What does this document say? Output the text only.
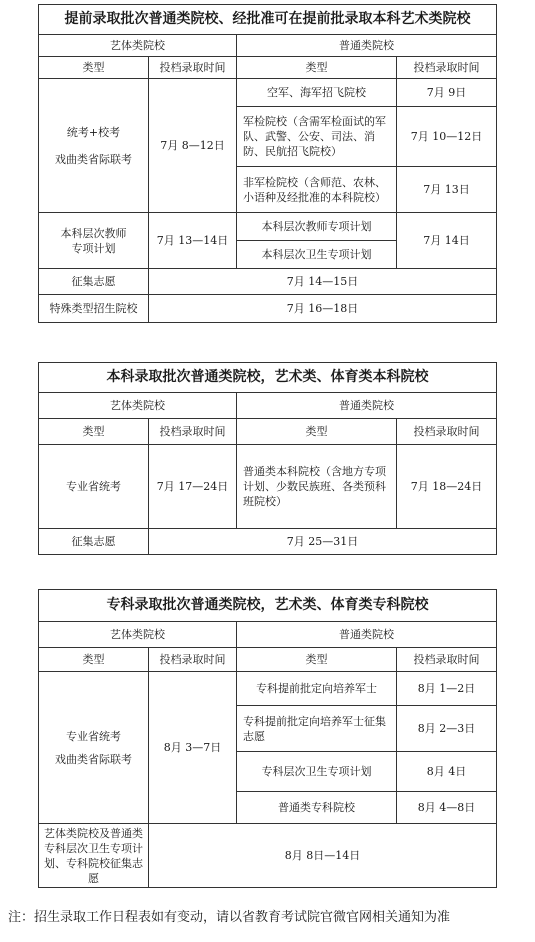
提前录取批次普通类院校、经批准可在提前批录取本科艺术类院校			
艺体类院校		普通类院校	
类型	投档录取时间	类型	投档录取时间

统考+校考
戏曲类省际联考	7月 8—12日	空军、海军招飞院校	7月 9日
		军检院校（含需军检面试的军队、武警、公安、司法、消防、民航招飞院校）	7月 10—12日
		非军检院校（含师范、农林、小语种及经批准的本科院校）	7月 13日

本科层次教师
专项计划	7月 13—14日	本科层次教师专项计划	7月 14日
		本科层次卫生专项计划	
征集志愿	7月 14—15日		
特殊类型招生院校	7月 16—18日		
本科录取批次普通类院校，艺术类、体育类本科院校			
艺体类院校		普通类院校	
类型	投档录取时间	类型	投档录取时间
专业省统考	7月 17—24日	普通类本科院校（含地方专项计划、少数民族班、各类预科班院校）	7月 18—24日
征集志愿	7月 25—31日		
专科录取批次普通类院校，艺术类、体育类专科院校			
艺体类院校		普通类院校	
类型	投档录取时间	类型	投档录取时间

专业省统考
戏曲类省际联考	8月 3—7日	专科提前批定向培养军士	8月 1—2日
		专科提前批定向培养军士征集志愿	8月 2—3日
		专科层次卫生专项计划	8月 4日
		普通类专科院校	8月 4—8日
艺体类院校及普通类专科层次卫生专项计划、专科院校征集志愿	8月 8日—14日		
注：招生录取工作日程表如有变动，请以省教育考试院官微官网相关通知为准
